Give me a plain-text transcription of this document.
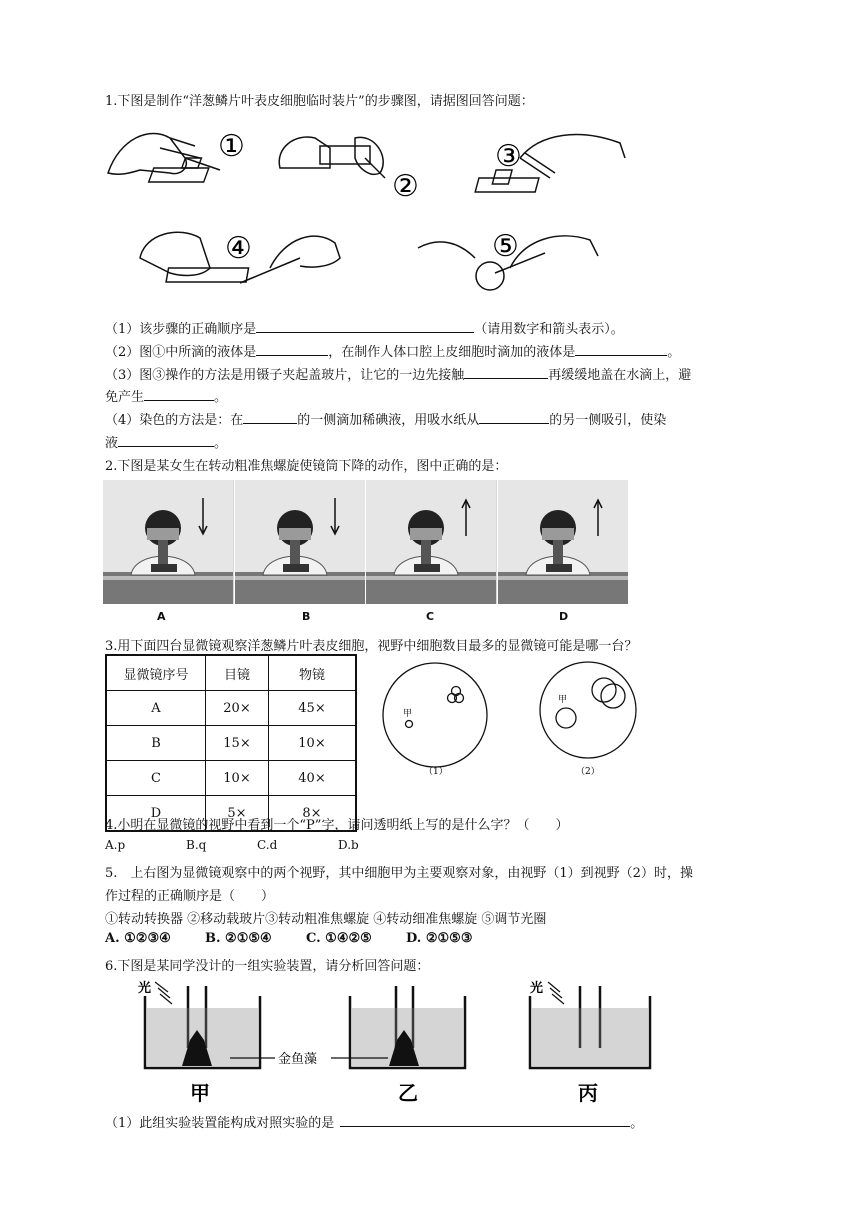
1.下图是制作“洋葱鳞片叶表皮细胞临时装片”的步骤图，请据图回答问题：
①
②
③
④	⑤
（1）该步骤的正确顺序是	（请用数字和箭头表示）。
（2）图①中所滴的液体是	，在制作人体口腔上皮细胞时滴加的液体是	。
（3）图③操作的方法是用镊子夹起盖玻片，让它的一边先接触	再缓缓地盖在水滴上，避
免产生	。
（4）染色的方法是：在	的一侧滴加稀碘液，用吸水纸从	的另一侧吸引，使染
液	。
2.下图是某女生在转动粗准焦螺旋使镜筒下降的动作，图中正确的是：
A	B	C	D
3.用下面四台显微镜观察洋葱鳞片叶表皮细胞，视野中细胞数目最多的显微镜可能是哪一台？
显微镜序号	目镜	物镜
A	20×	45×
B	15×	10×
C	10×	40×
D	5×	8×
甲
甲
（1）	（2）
4.小明在显微镜的视野中看到一个“P”字，请问透明纸上写的是什么字？（　　）
A.p	B.q	C.d	D.b
5.　上右图为显微镜观察中的两个视野，其中细胞甲为主要观察对象，由视野（1）到视野（2）时，操
作过程的正确顺序是（　　）
①转动转换器 ②移动载玻片③转动粗准焦螺旋 ④转动细准焦螺旋 ⑤调节光圈
A. ①②③④	B. ②①⑤④	C. ①④②⑤	D. ②①⑤③
6.下图是某同学没计的一组实验装置，请分析回答问题：
光	光
金鱼藻
甲	乙	丙
（1）此组实验装置能构成对照实验的是	。
